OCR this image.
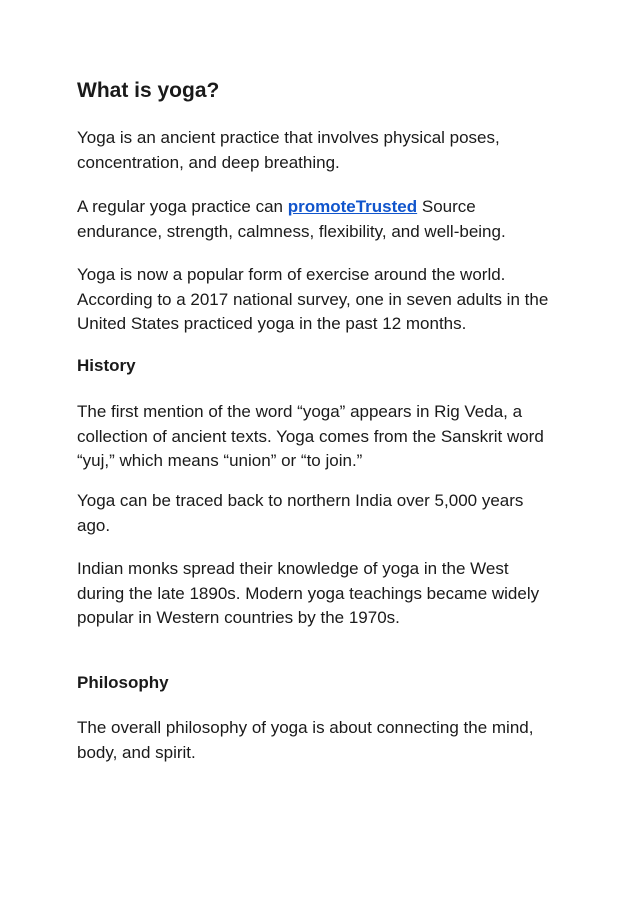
What is yoga?

Yoga is an ancient practice that involves physical poses,
concentration, and deep breathing.

A regular yoga practice can promoteTrusted Source
endurance, strength, calmness, flexibility, and well-being.

Yoga is now a popular form of exercise around the world.
According to a 2017 national survey, one in seven adults in the
United States practiced yoga in the past 12 months.

History

The first mention of the word “yoga” appears in Rig Veda, a
collection of ancient texts. Yoga comes from the Sanskrit word
“yuj,” which means “union” or “to join.”

Yoga can be traced back to northern India over 5,000 years
ago.

Indian monks spread their knowledge of yoga in the West
during the late 1890s. Modern yoga teachings became widely
popular in Western countries by the 1970s.

Philosophy

The overall philosophy of yoga is about connecting the mind,
body, and spirit.
